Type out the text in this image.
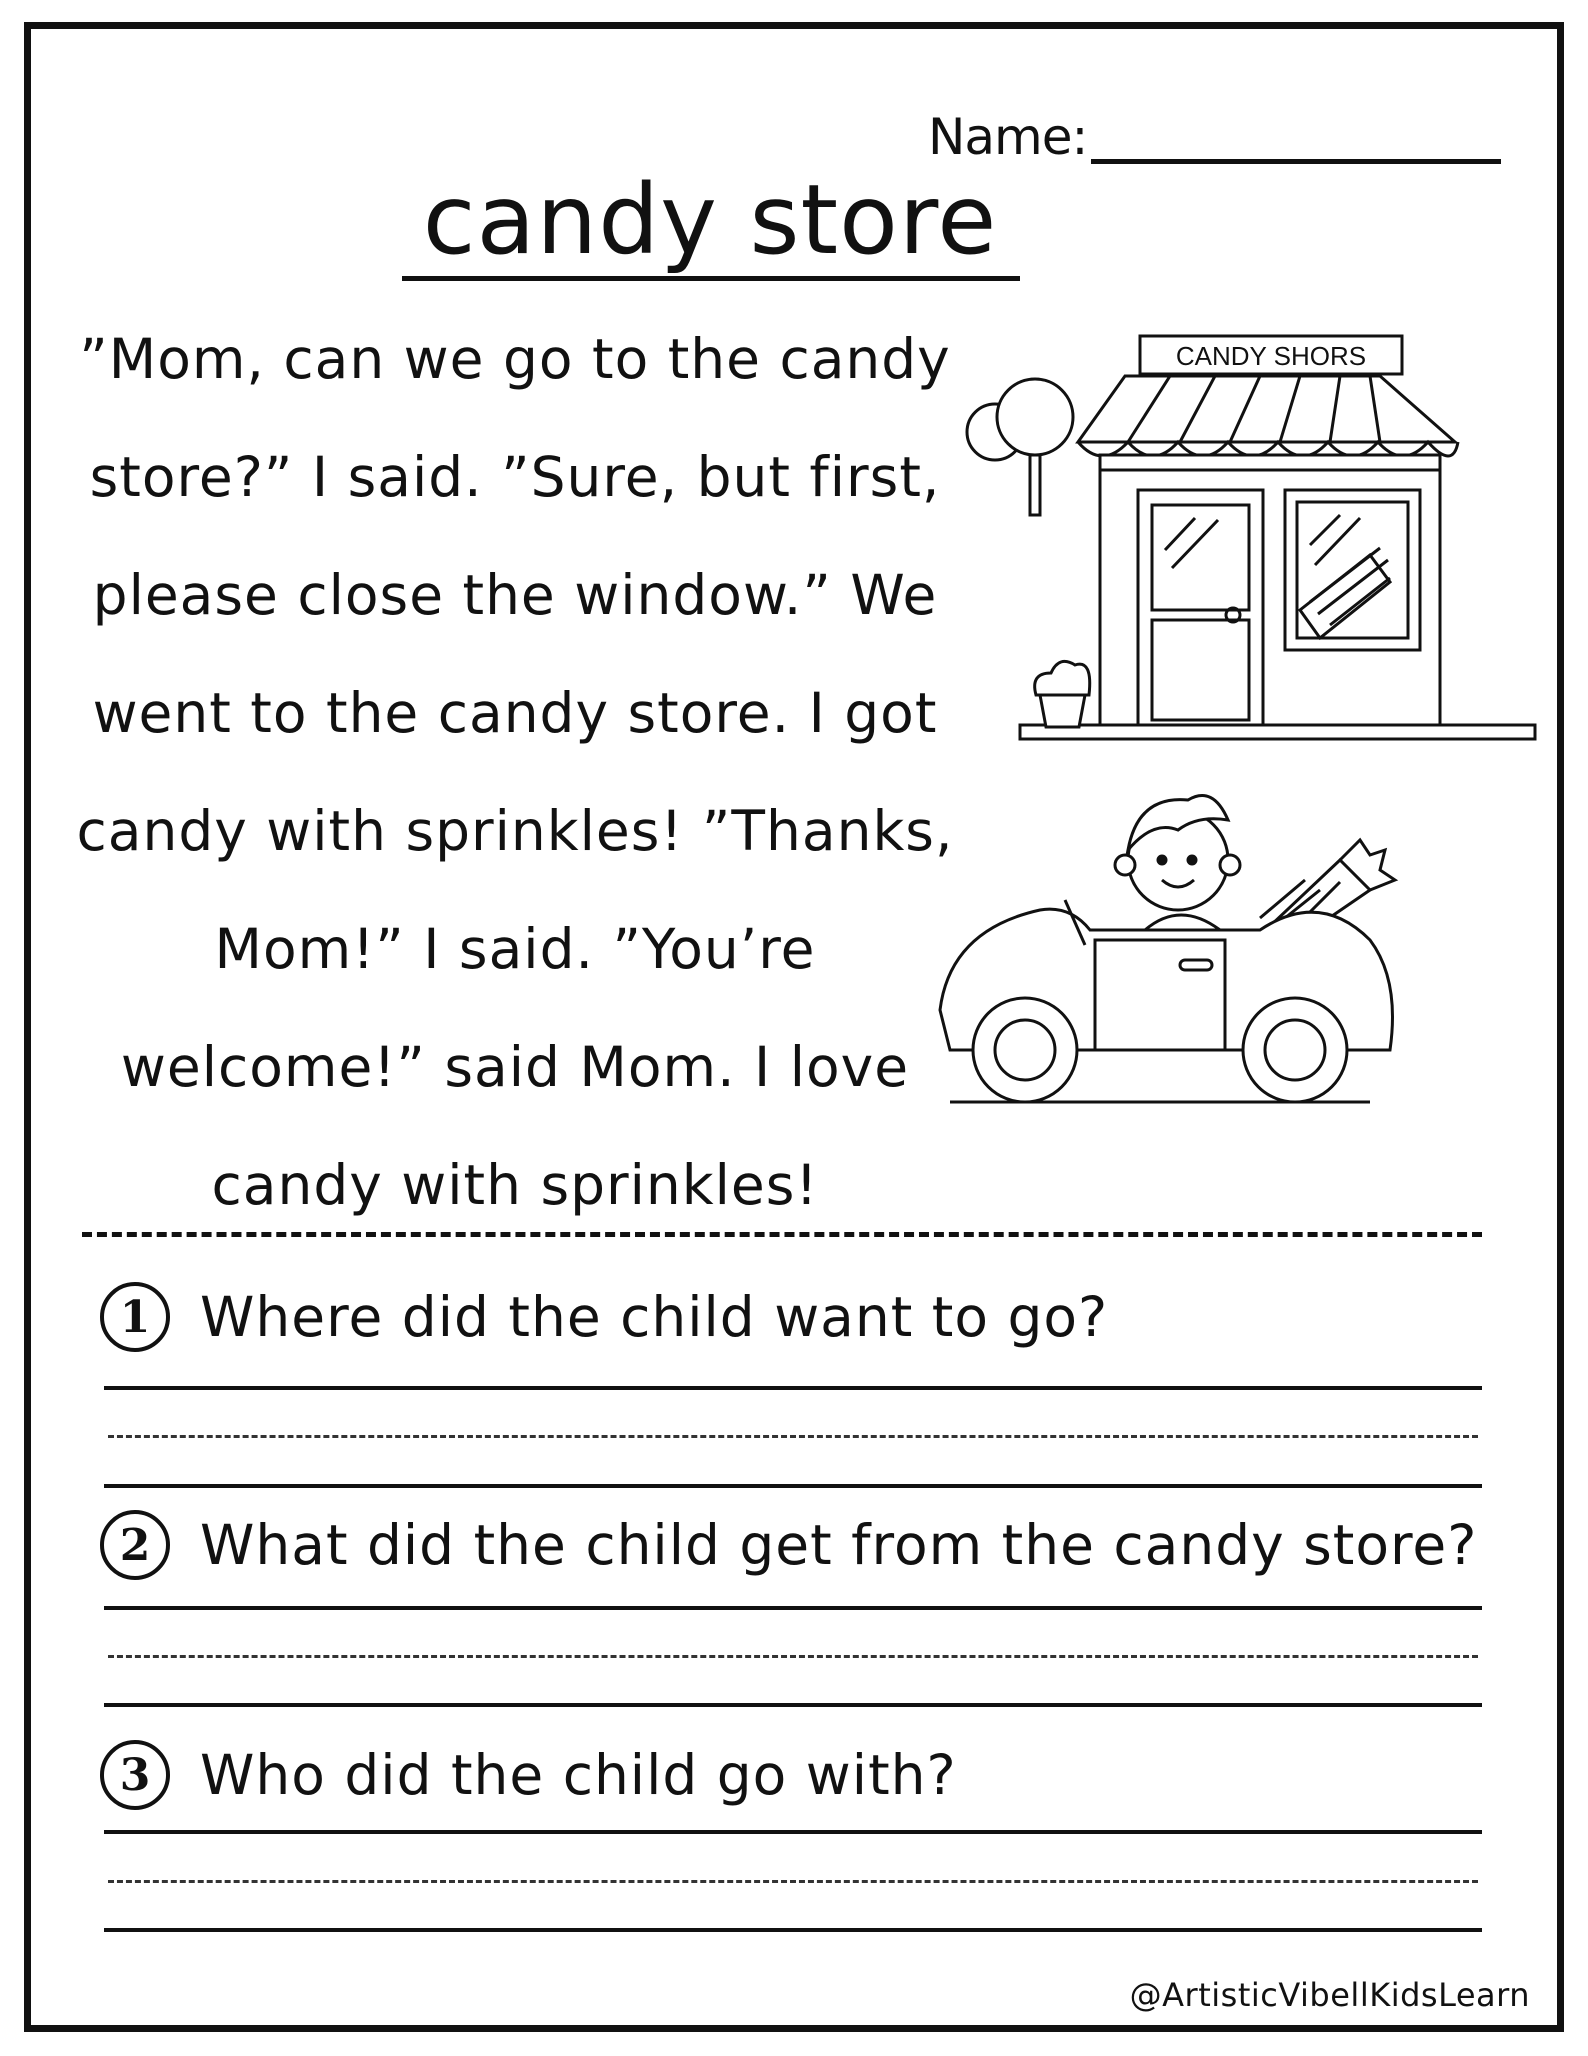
Name:
candy store
”Mom, can we go to the candy
store?” I said. ”Sure, but first,
please close the window.” We
went to the candy store. I got
candy with sprinkles! ”Thanks,
Mom!” I said. ”You’re
welcome!” said Mom. I love
candy with sprinkles!
CANDY SHORS
1 Where did the child want to go?
2 What did the child get from the candy store?
3 Who did the child go with?
@ArtisticVibellKidsLearn
